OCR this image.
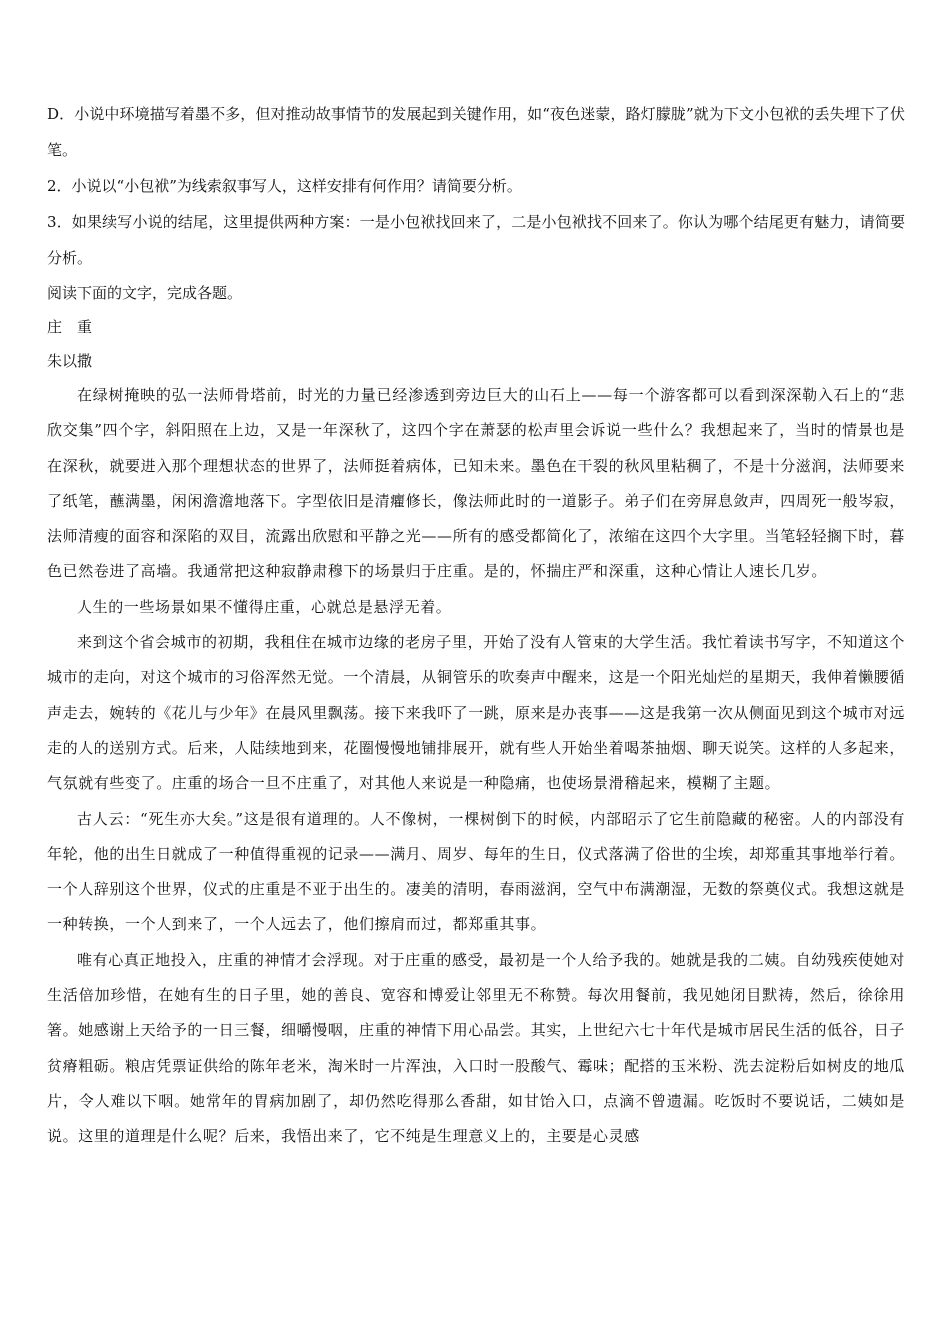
D．小说中环境描写着墨不多，但对推动故事情节的发展起到关键作用，如“夜色迷蒙，路灯朦胧”就为下文小包袱的丢失埋下了伏笔。

2．小说以“小包袱”为线索叙事写人，这样安排有何作用？请简要分析。

3．如果续写小说的结尾，这里提供两种方案：一是小包袱找回来了，二是小包袱找不回来了。你认为哪个结尾更有魅力，请简要分析。

阅读下面的文字，完成各题。

庄　重

朱以撒

在绿树掩映的弘一法师骨塔前，时光的力量已经渗透到旁边巨大的山石上——每一个游客都可以看到深深勒入石上的“悲欣交集”四个字，斜阳照在上边，又是一年深秋了，这四个字在萧瑟的松声里会诉说一些什么？我想起来了，当时的情景也是在深秋，就要进入那个理想状态的世界了，法师挺着病体，已知未来。墨色在干裂的秋风里粘稠了，不是十分滋润，法师要来了纸笔，蘸满墨，闲闲澹澹地落下。字型依旧是清癯修长，像法师此时的一道影子。弟子们在旁屏息敛声，四周死一般岑寂，法师清瘦的面容和深陷的双目，流露出欣慰和平静之光——所有的感受都简化了，浓缩在这四个大字里。当笔轻轻搁下时，暮色已然卷进了高墙。我通常把这种寂静肃穆下的场景归于庄重。是的，怀揣庄严和深重，这种心情让人速长几岁。

人生的一些场景如果不懂得庄重，心就总是悬浮无着。

来到这个省会城市的初期，我租住在城市边缘的老房子里，开始了没有人管束的大学生活。我忙着读书写字，不知道这个城市的走向，对这个城市的习俗浑然无觉。一个清晨，从铜管乐的吹奏声中醒来，这是一个阳光灿烂的星期天，我伸着懒腰循声走去，婉转的《花儿与少年》在晨风里飘荡。接下来我吓了一跳，原来是办丧事——这是我第一次从侧面见到这个城市对远走的人的送别方式。后来，人陆续地到来，花圈慢慢地铺排展开，就有些人开始坐着喝茶抽烟、聊天说笑。这样的人多起来，气氛就有些变了。庄重的场合一旦不庄重了，对其他人来说是一种隐痛，也使场景滑稽起来，模糊了主题。

古人云：“死生亦大矣。”这是很有道理的。人不像树，一棵树倒下的时候，内部昭示了它生前隐藏的秘密。人的内部没有年轮，他的出生日就成了一种值得重视的记录——满月、周岁、每年的生日，仪式落满了俗世的尘埃，却郑重其事地举行着。一个人辞别这个世界，仪式的庄重是不亚于出生的。凄美的清明，春雨滋润，空气中布满潮湿，无数的祭奠仪式。我想这就是一种转换，一个人到来了，一个人远去了，他们擦肩而过，都郑重其事。

唯有心真正地投入，庄重的神情才会浮现。对于庄重的感受，最初是一个人给予我的。她就是我的二姨。自幼残疾使她对生活倍加珍惜，在她有生的日子里，她的善良、宽容和博爱让邻里无不称赞。每次用餐前，我见她闭目默祷，然后，徐徐用箸。她感谢上天给予的一日三餐，细嚼慢咽，庄重的神情下用心品尝。其实，上世纪六七十年代是城市居民生活的低谷，日子贫瘠粗砺。粮店凭票证供给的陈年老米，淘米时一片浑浊，入口时一股酸气、霉味；配搭的玉米粉、洗去淀粉后如树皮的地瓜片，令人难以下咽。她常年的胃病加剧了，却仍然吃得那么香甜，如甘饴入口，点滴不曾遗漏。吃饭时不要说话，二姨如是说。这里的道理是什么呢？后来，我悟出来了，它不纯是生理意义上的，主要是心灵感
